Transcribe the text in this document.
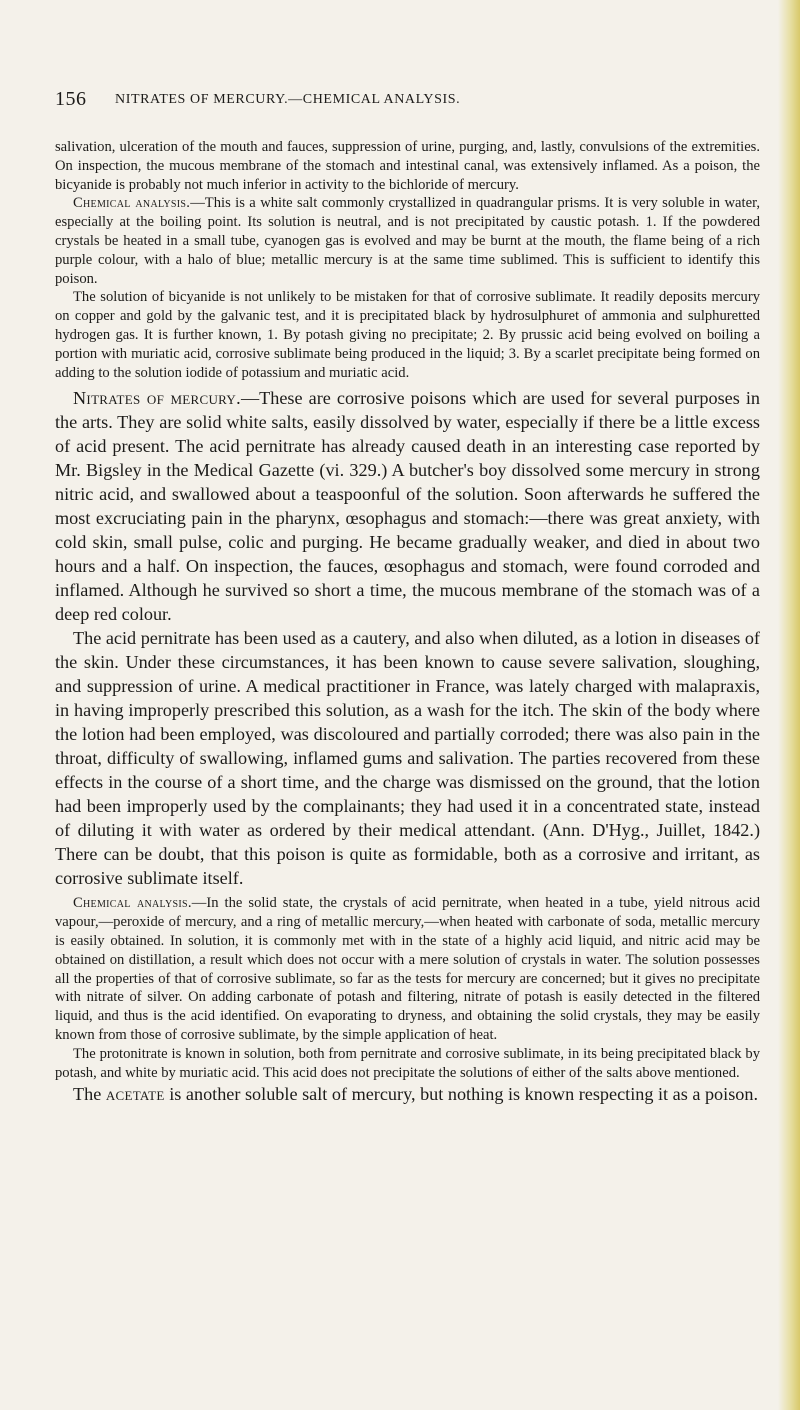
156 NITRATES OF MERCURY.—CHEMICAL ANALYSIS.

salivation, ulceration of the mouth and fauces, suppression of urine, purging, and, lastly, convulsions of the extremities. On inspection, the mucous membrane of the stomach and intestinal canal, was extensively inflamed. As a poison, the bicyanide is probably not much inferior in activity to the bichloride of mercury.

Chemical analysis.—This is a white salt commonly crystallized in quadrangular prisms. It is very soluble in water, especially at the boiling point. Its solution is neutral, and is not precipitated by caustic potash. 1. If the powdered crystals be heated in a small tube, cyanogen gas is evolved and may be burnt at the mouth, the flame being of a rich purple colour, with a halo of blue; metallic mercury is at the same time sublimed. This is sufficient to identify this poison.

The solution of bicyanide is not unlikely to be mistaken for that of corrosive sublimate. It readily deposits mercury on copper and gold by the galvanic test, and it is precipitated black by hydrosulphuret of ammonia and sulphuretted hydrogen gas. It is further known, 1. By potash giving no precipitate; 2. By prussic acid being evolved on boiling a portion with muriatic acid, corrosive sublimate being produced in the liquid; 3. By a scarlet precipitate being formed on adding to the solution iodide of potassium and muriatic acid.

Nitrates of mercury.—These are corrosive poisons which are used for several purposes in the arts. They are solid white salts, easily dissolved by water, especially if there be a little excess of acid present. The acid pernitrate has already caused death in an interesting case reported by Mr. Bigsley in the Medical Gazette (vi. 329.) A butcher's boy dissolved some mercury in strong nitric acid, and swallowed about a teaspoonful of the solution. Soon afterwards he suffered the most excruciating pain in the pharynx, œsophagus and stomach:—there was great anxiety, with cold skin, small pulse, colic and purging. He became gradually weaker, and died in about two hours and a half. On inspection, the fauces, œsophagus and stomach, were found corroded and inflamed. Although he survived so short a time, the mucous membrane of the stomach was of a deep red colour.

The acid pernitrate has been used as a cautery, and also when diluted, as a lotion in diseases of the skin. Under these circumstances, it has been known to cause severe salivation, sloughing, and suppression of urine. A medical practitioner in France, was lately charged with malapraxis, in having improperly prescribed this solution, as a wash for the itch. The skin of the body where the lotion had been employed, was discoloured and partially corroded; there was also pain in the throat, difficulty of swallowing, inflamed gums and salivation. The parties recovered from these effects in the course of a short time, and the charge was dismissed on the ground, that the lotion had been improperly used by the complainants; they had used it in a concentrated state, instead of diluting it with water as ordered by their medical attendant. (Ann. D'Hyg., Juillet, 1842.) There can be doubt, that this poison is quite as formidable, both as a corrosive and irritant, as corrosive sublimate itself.

Chemical analysis.—In the solid state, the crystals of acid pernitrate, when heated in a tube, yield nitrous acid vapour,—peroxide of mercury, and a ring of metallic mercury,—when heated with carbonate of soda, metallic mercury is easily obtained. In solution, it is commonly met with in the state of a highly acid liquid, and nitric acid may be obtained on distillation, a result which does not occur with a mere solution of crystals in water. The solution possesses all the properties of that of corrosive sublimate, so far as the tests for mercury are concerned; but it gives no precipitate with nitrate of silver. On adding carbonate of potash and filtering, nitrate of potash is easily detected in the filtered liquid, and thus is the acid identified. On evaporating to dryness, and obtaining the solid crystals, they may be easily known from those of corrosive sublimate, by the simple application of heat.

The protonitrate is known in solution, both from pernitrate and corrosive sublimate, in its being precipitated black by potash, and white by muriatic acid. This acid does not precipitate the solutions of either of the salts above mentioned.

The acetate is another soluble salt of mercury, but nothing is known respecting it as a poison.
